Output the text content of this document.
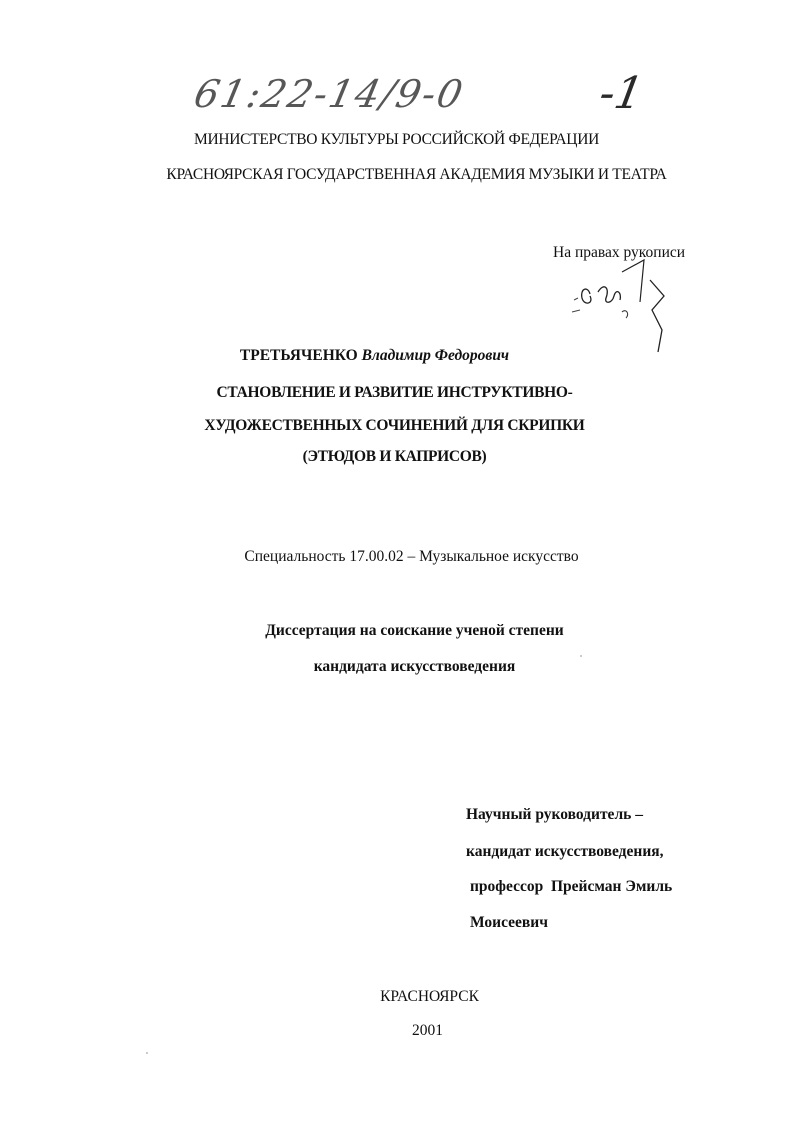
61:22-14/9-0	-1
МИНИСТЕРСТВО КУЛЬТУРЫ РОССИЙСКОЙ ФЕДЕРАЦИИ
КРАСНОЯРСКАЯ ГОСУДАРСТВЕННАЯ АКАДЕМИЯ МУЗЫКИ И ТЕАТРА
На правах рукописи
ТРЕТЬЯЧЕНКО Владимир Федорович
СТАНОВЛЕНИЕ И РАЗВИТИЕ ИНСТРУКТИВНО-
ХУДОЖЕСТВЕННЫХ СОЧИНЕНИЙ ДЛЯ СКРИПКИ
(ЭТЮДОВ И КАПРИСОВ)
Специальность 17.00.02 – Музыкальное искусство
Диссертация на соискание ученой степени
кандидата искусствоведения
Научный руководитель –
кандидат искусствоведения,
профессор  Прейсман Эмиль
Моисеевич
КРАСНОЯРСК
2001
